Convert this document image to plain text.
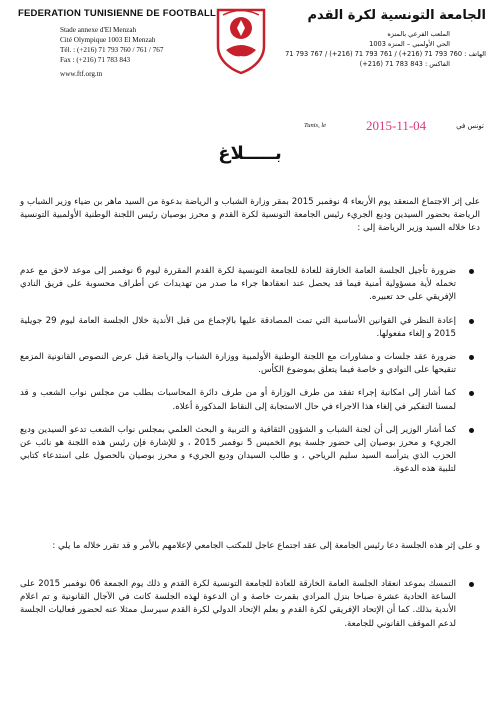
FEDERATION TUNISIENNE DE FOOTBALL
Stade annexe d'El Menzah
Cité Olympique 1003 El Menzah
Tél. : (+216) 71 793 760 / 761 / 767
Fax : (+216) 71 783 843
www.ftf.org.tn
الجامعة التونسية لكرة القدم
الملعب الفرعي بالمنزه
الحي الأولمبي – المنزه 1003
الهاتف : 760 793 71 (216+) / 761 793 71 (216+) / 767 793 71
الفاكس : 843 783 71 (216+)
Tunis, le	2015-11-04	تونس في
بـــــلاغ
على إثر الاجتماع المنعقد يوم الأربعاء 4 نوفمبر 2015 بمقر وزارة الشباب و الرياضة بدعوة من السيد ماهر بن ضياء وزير الشباب و الرياضة بحضور السيدين وديع الجريء رئيس الجامعة التونسية لكرة القدم و محرز بوصيان رئيس اللجنة الوطنية الأولمبية التونسية دعا خلاله السيد وزير الرياضة إلى :
ضرورة تأجيل الجلسة العامة الخارقة للعادة للجامعة التونسية لكرة القدم المقررة ليوم 6 نوفمبر إلى موعد لاحق مع عدم تحمله لأية مسؤولية أمنية فيما قد يحصل عند انعقادها جراء ما صدر من تهديدات عن أطراف محسوبة على فريق النادي الإفريقي على حد تعبيره.
إعادة النظر في القوانين الأساسية التي تمت المصادقة عليها بالإجماع من قبل الأندية خلال الجلسة العامة ليوم 29 جويلية 2015 و إلغاء مفعولها.
ضرورة عقد جلسات و مشاورات مع اللجنة الوطنية الأولمبية ووزارة الشباب والرياضة قبل عرض النصوص القانونية المزمع تنقيحها على النوادي و خاصة فيما يتعلق بموضوع الكأس.
كما أشار إلى امكانية إجراء تفقد من طرف الوزارة أو من طرف دائرة المحاسبات بطلب من مجلس نواب الشعب و قد لمسنا التفكير في إلغاء هذا الاجراء في حال الاستجابة إلى النقاط المذكورة أعلاه.
كما أشار الوزير إلى أن لجنة الشباب و الشؤون الثقافية و التربية و البحث العلمي بمجلس نواب الشعب تدعو السيدين وديع الجريء و محرز بوصيان إلى حضور جلسة يوم الخميس 5 نوفمبر 2015 ، و للإشارة فإن رئيس هذه اللجنة هو نائب عن الحزب الذي يترأسه السيد سليم الرياحي ، و طالب السيدان وديع الجريء و محرز بوصيان بالحصول على استدعاء كتابي لتلبية هذه الدعوة.
و على إثر هذه الجلسة دعا رئيس الجامعة إلى عقد اجتماع عاجل للمكتب الجامعي لإعلامهم بالأمر و قد تقرر خلاله ما يلي :
التمسك بموعد انعقاد الجلسة العامة الخارقة للعادة للجامعة التونسية لكرة القدم و ذلك يوم الجمعة 06 نوفمبر 2015 على الساعة الحادية عشرة صباحا بنزل المرادي بقمرت خاصة و ان الدعوة لهذه الجلسة كانت في الآجال القانونية و تم اعلام الأندية بذلك. كما أن الإتحاد الإفريقي لكرة القدم و بعلم الإتحاد الدولي لكرة القدم سيرسل ممثلا عنه لحضور فعاليات الجلسة لدعم الموقف القانوني للجامعة.
